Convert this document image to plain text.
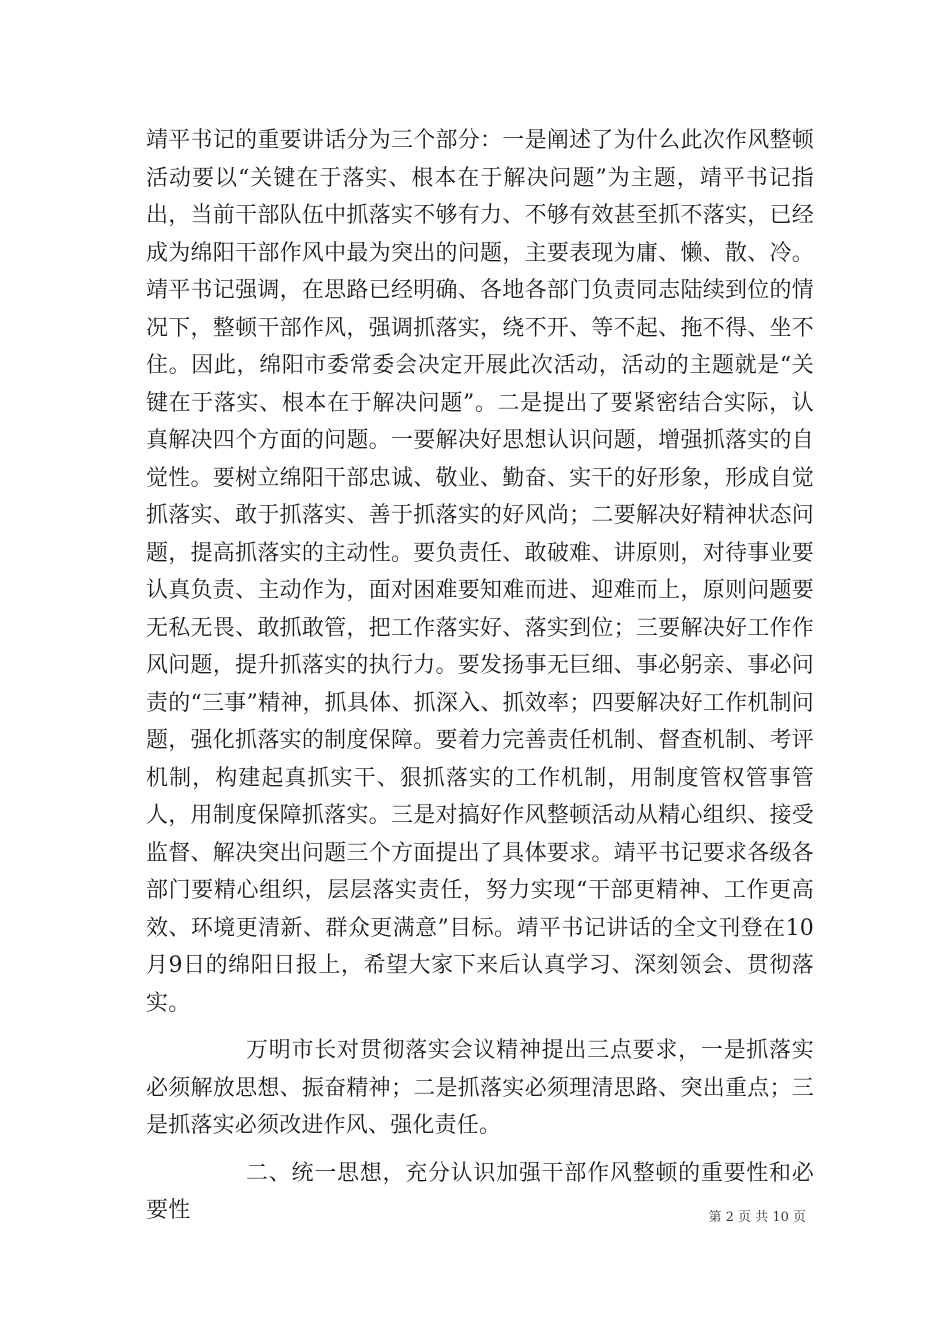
靖平书记的重要讲话分为三个部分：一是阐述了为什么此次作风整顿活动要以“关键在于落实、根本在于解决问题”为主题，靖平书记指出，当前干部队伍中抓落实不够有力、不够有效甚至抓不落实，已经成为绵阳干部作风中最为突出的问题，主要表现为庸、懒、散、冷。靖平书记强调，在思路已经明确、各地各部门负责同志陆续到位的情况下，整顿干部作风，强调抓落实，绕不开、等不起、拖不得、坐不住。因此，绵阳市委常委会决定开展此次活动，活动的主题就是“关键在于落实、根本在于解决问题”。二是提出了要紧密结合实际，认真解决四个方面的问题。一要解决好思想认识问题，增强抓落实的自觉性。要树立绵阳干部忠诚、敬业、勤奋、实干的好形象，形成自觉抓落实、敢于抓落实、善于抓落实的好风尚；二要解决好精神状态问题，提高抓落实的主动性。要负责任、敢破难、讲原则，对待事业要认真负责、主动作为，面对困难要知难而进、迎难而上，原则问题要无私无畏、敢抓敢管，把工作落实好、落实到位；三要解决好工作作风问题，提升抓落实的执行力。要发扬事无巨细、事必躬亲、事必问责的“三事”精神，抓具体、抓深入、抓效率；四要解决好工作机制问题，强化抓落实的制度保障。要着力完善责任机制、督查机制、考评机制，构建起真抓实干、狠抓落实的工作机制，用制度管权管事管人，用制度保障抓落实。三是对搞好作风整顿活动从精心组织、接受监督、解决突出问题三个方面提出了具体要求。靖平书记要求各级各部门要精心组织，层层落实责任，努力实现“干部更精神、工作更高效、环境更清新、群众更满意”目标。靖平书记讲话的全文刊登在10月9日的绵阳日报上，希望大家下来后认真学习、深刻领会、贯彻落实。

万明市长对贯彻落实会议精神提出三点要求，一是抓落实必须解放思想、振奋精神；二是抓落实必须理清思路、突出重点；三是抓落实必须改进作风、强化责任。

二、统一思想，充分认识加强干部作风整顿的重要性和必要性	第 2 页 共 10 页
